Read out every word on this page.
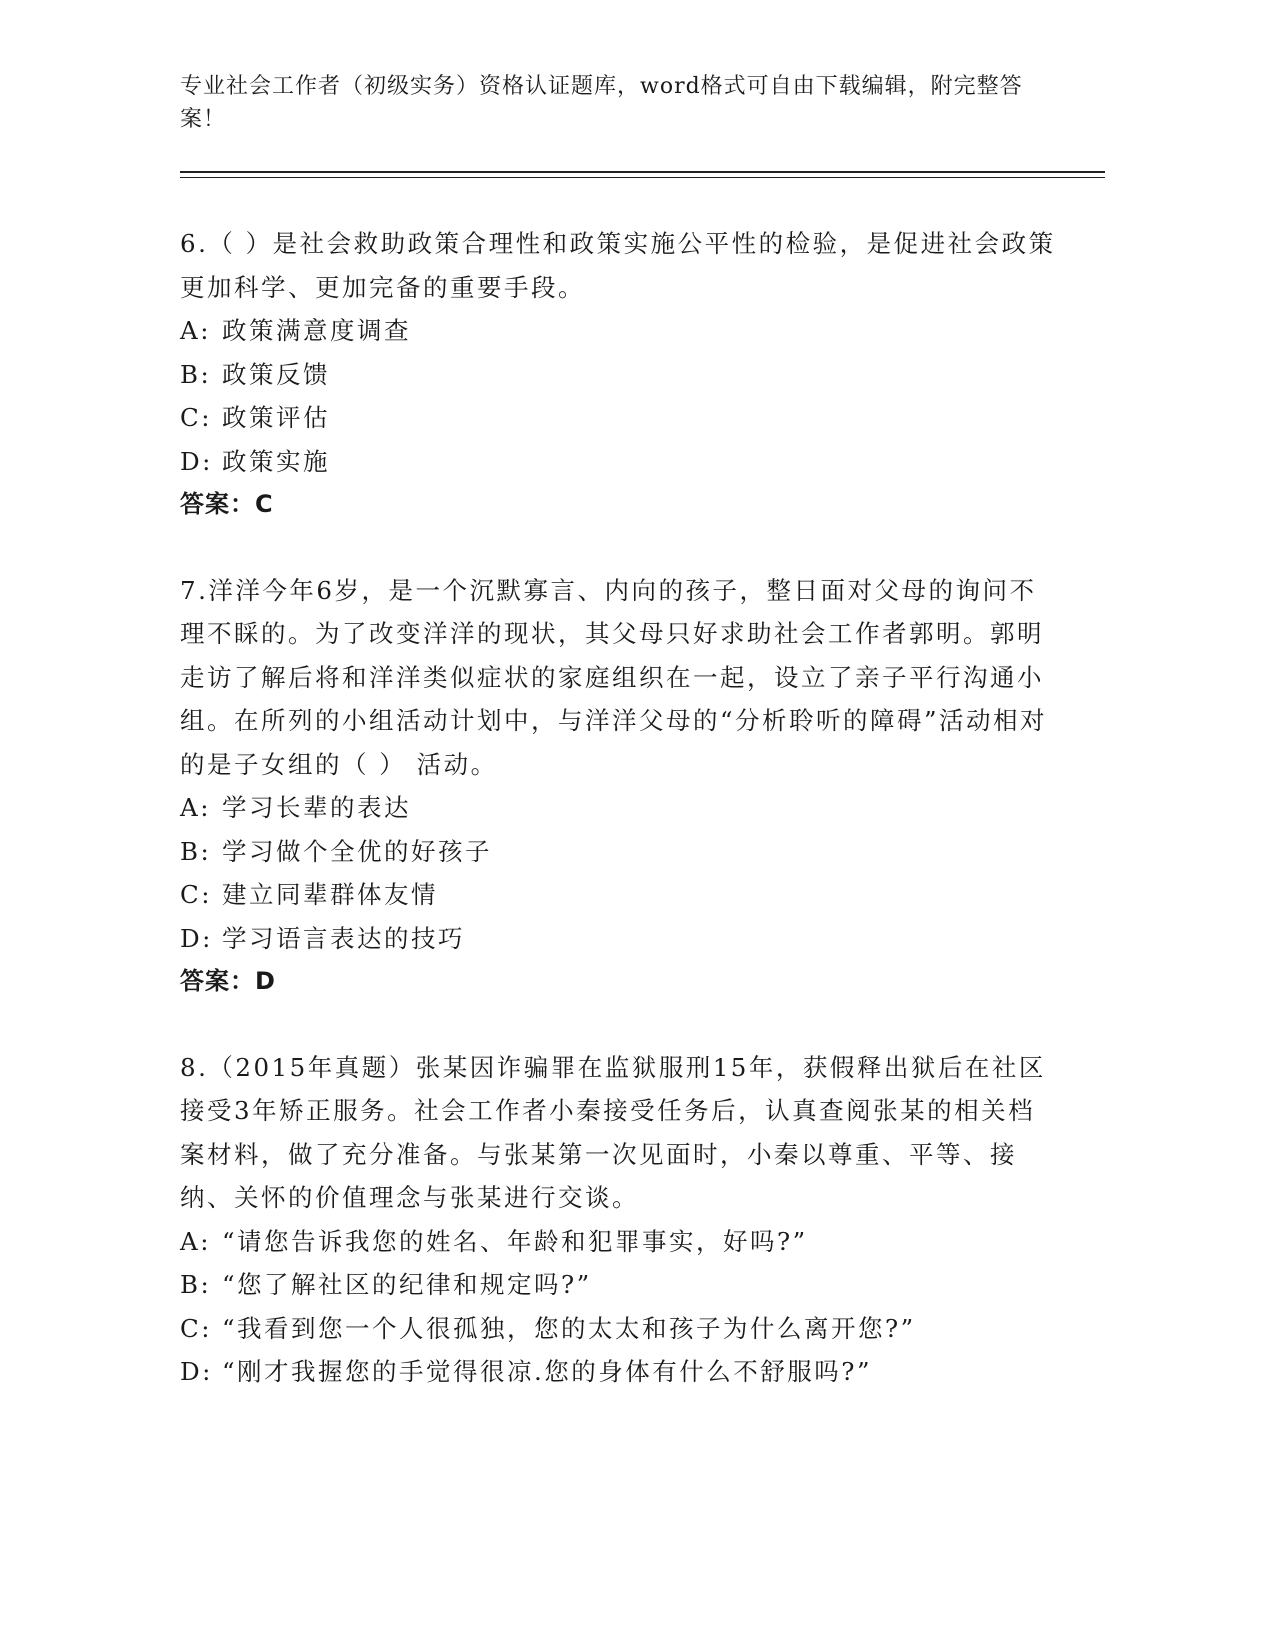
专业社会工作者（初级实务）资格认证题库，word格式可自由下载编辑，附完整答案！
6.（ ）是社会救助政策合理性和政策实施公平性的检验，是促进社会政策更加科学、更加完备的重要手段。
A: 政策满意度调查
B: 政策反馈
C: 政策评估
D: 政策实施
答案：C
7.洋洋今年6岁，是一个沉默寡言、内向的孩子，整日面对父母的询问不理不睬的。为了改变洋洋的现状，其父母只好求助社会工作者郭明。郭明走访了解后将和洋洋类似症状的家庭组织在一起，设立了亲子平行沟通小组。在所列的小组活动计划中，与洋洋父母的“分析聆听的障碍”活动相对的是子女组的（ ） 活动。
A: 学习长辈的表达
B: 学习做个全优的好孩子
C: 建立同辈群体友情
D: 学习语言表达的技巧
答案：D
8.（2015年真题）张某因诈骗罪在监狱服刑15年，获假释出狱后在社区接受3年矫正服务。社会工作者小秦接受任务后，认真查阅张某的相关档案材料，做了充分准备。与张某第一次见面时，小秦以尊重、平等、接纳、关怀的价值理念与张某进行交谈。
A: “请您告诉我您的姓名、年龄和犯罪事实，好吗?”
B: “您了解社区的纪律和规定吗?”
C: “我看到您一个人很孤独，您的太太和孩子为什么离开您?”
D: “刚才我握您的手觉得很凉.您的身体有什么不舒服吗?”
